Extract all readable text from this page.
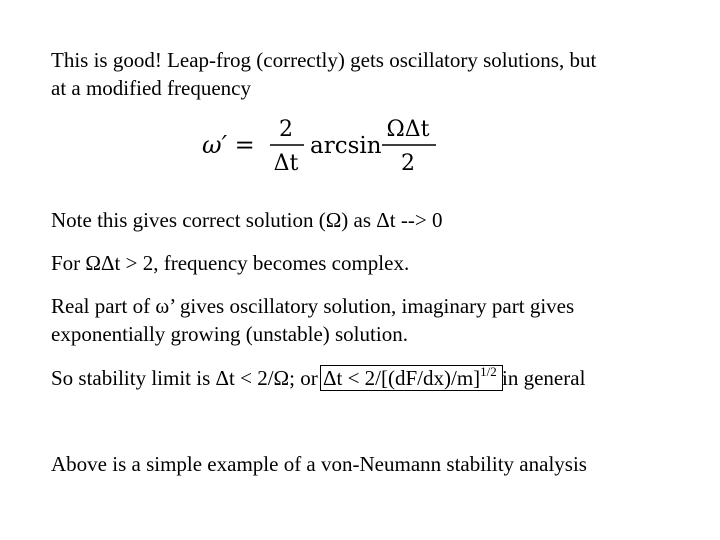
This is good! Leap-frog (correctly) gets oscillatory solutions, but
at a modified frequency
ω′ =
2
Δt
arcsin
ΩΔt
2
Note this gives correct solution (Ω) as Δt --> 0
For ΩΔt > 2, frequency becomes complex.
Real part of ω’ gives oscillatory solution, imaginary part gives
exponentially growing (unstable) solution.
So stability limit is Δt < 2/Ω; or $\Delta t < 2/[(dF/dx)/m]^{1/2}$ in general
Above is a simple example of a von-Neumann stability analysis
